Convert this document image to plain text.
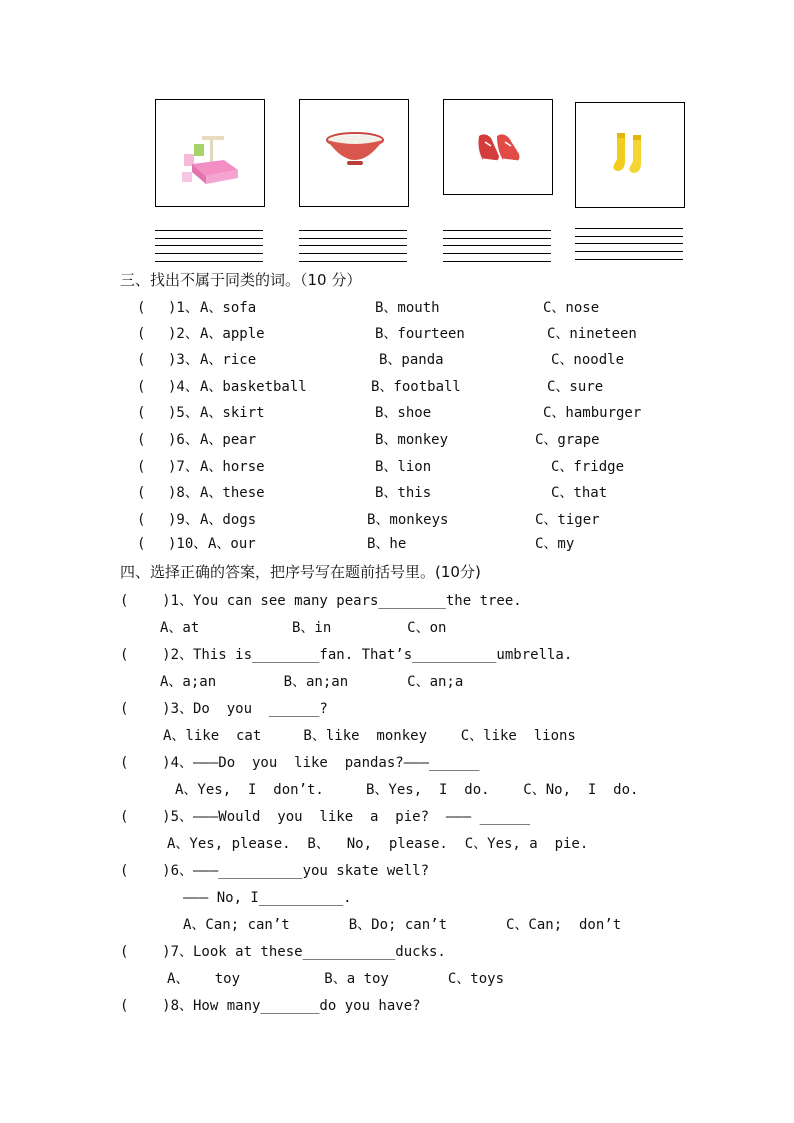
三、找出不属于同类的词。（10 分）
( )1、 A、sofa	B、mouth	C、nose
( )2、 A、apple	B、fourteen	C、nineteen
( )3、 A、rice	B、panda	C、noodle
( )4、 A、basketball	B、football	C、sure
( )5、 A、skirt	B、shoe	C、hamburger
( )6、 A、pear	B、monkey	C、grape
( )7、 A、horse	B、lion	C、fridge
( )8、 A、these	B、this	C、that
( )9、 A、dogs	B、monkeys	C、tiger
( )10、 A、our	B、he	C、my
四、选择正确的答案，把序号写在题前括号里。(10分)
(    )1、You can see many pears________the tree.
A、at           B、in         C、on
(    )2、This is________fan. That’s__________umbrella.
A、a;an        B、an;an       C、an;a
(    )3、Do  you  ______?
A、like  cat     B、like  monkey    C、like  lions
(    )4、———Do  you  like  pandas?———______
A、Yes,  I  don’t.     B、Yes,  I  do.    C、No,  I  do.
(    )5、———Would  you  like  a  pie?  ——— ______
A、Yes, please.  B、  No,  please.  C、Yes, a  pie.
(    )6、———__________you skate well?
——— No, I__________.
A、Can; can’t       B、Do; can’t       C、Can;  don’t
(    )7、Look at these___________ducks.
A、   toy          B、a toy       C、toys
(    )8、How many_______do you have?
